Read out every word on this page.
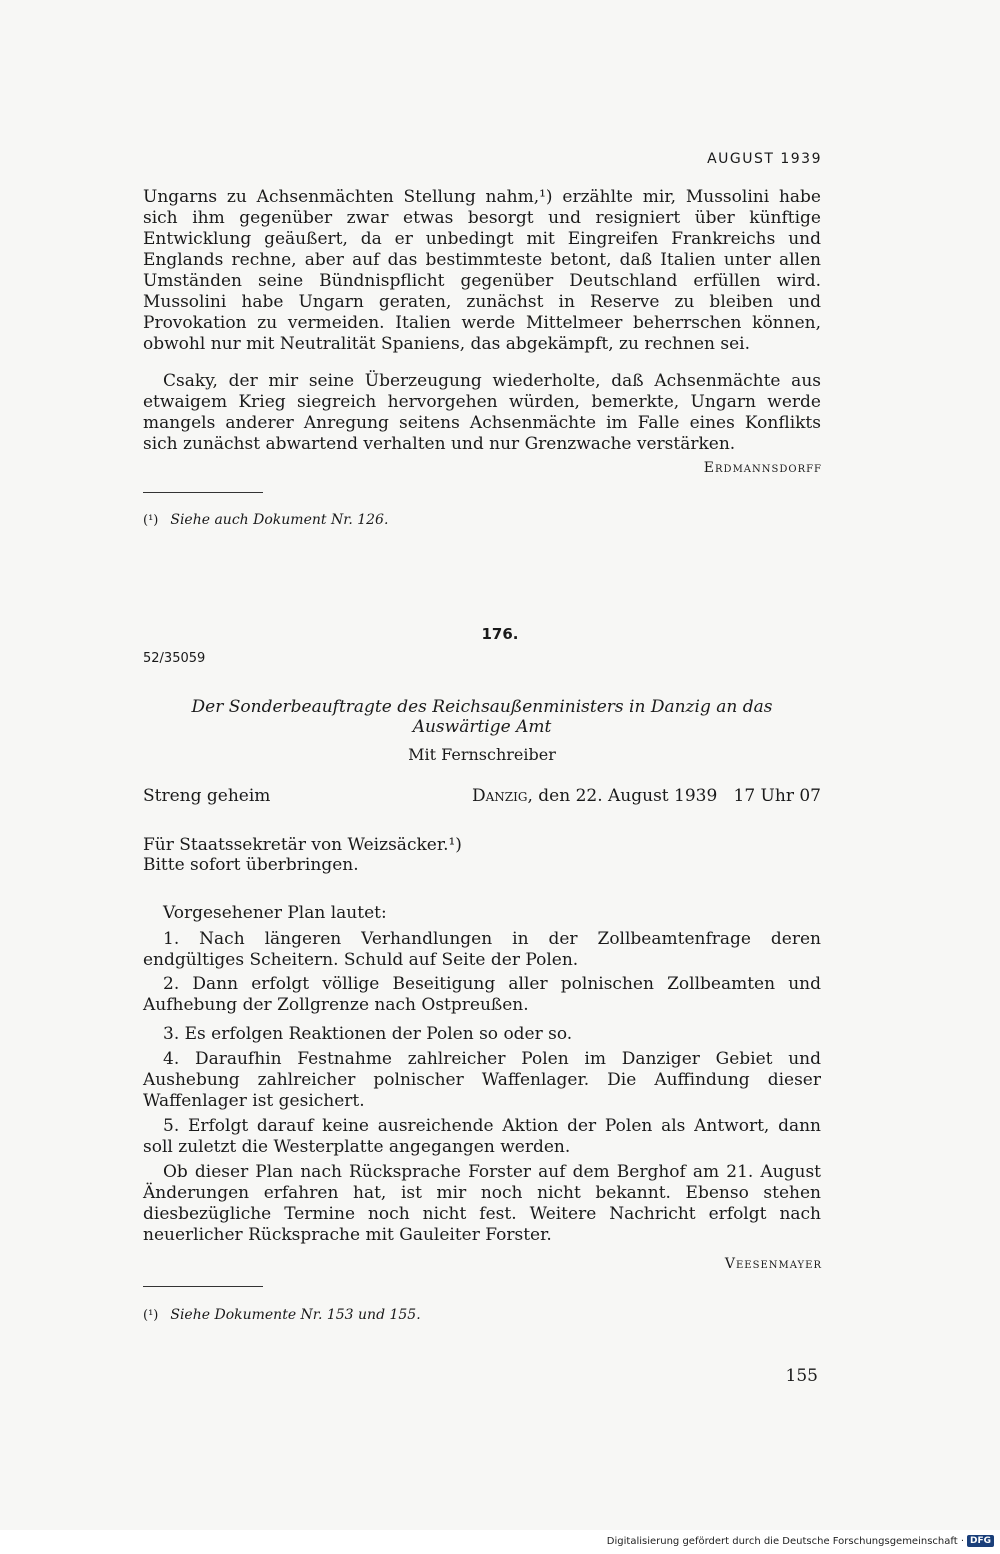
AUGUST 1939

Ungarns zu Achsenmächten Stellung nahm,¹) erzählte mir, Mussolini habe sich ihm gegenüber zwar etwas besorgt und resigniert über künftige Entwicklung geäußert, da er unbedingt mit Eingreifen Frankreichs und Englands rechne, aber auf das bestimmteste betont, daß Italien unter allen Umständen seine Bündnispflicht gegenüber Deutschland erfüllen wird. Mussolini habe Ungarn geraten, zunächst in Reserve zu bleiben und Provokation zu vermeiden. Italien werde Mittelmeer beherrschen können, obwohl nur mit Neutralität Spaniens, das abgekämpft, zu rechnen sei.

Csaky, der mir seine Überzeugung wiederholte, daß Achsenmächte aus etwaigem Krieg siegreich hervorgehen würden, bemerkte, Ungarn werde mangels anderer Anregung seitens Achsenmächte im Falle eines Konflikts sich zunächst abwartend verhalten und nur Grenzwache verstärken.

Erdmannsdorff
(¹) Siehe auch Dokument Nr. 126.
176.
52/35059
Der Sonderbeauftragte des Reichsaußenministers in Danzig an das Auswärtige Amt
Mit Fernschreiber
Streng geheim	Danzig, den 22. August 1939   17 Uhr 07
Für Staatssekretär von Weizsäcker.¹)
Bitte sofort überbringen.

Vorgesehener Plan lautet:

1. Nach längeren Verhandlungen in der Zollbeamtenfrage deren endgültiges Scheitern. Schuld auf Seite der Polen.

2. Dann erfolgt völlige Beseitigung aller polnischen Zollbeamten und Aufhebung der Zollgrenze nach Ostpreußen.

3. Es erfolgen Reaktionen der Polen so oder so.

4. Daraufhin Festnahme zahlreicher Polen im Danziger Gebiet und Aushebung zahlreicher polnischer Waffenlager. Die Auffindung dieser Waffenlager ist gesichert.

5. Erfolgt darauf keine ausreichende Aktion der Polen als Antwort, dann soll zuletzt die Westerplatte angegangen werden.

Ob dieser Plan nach Rücksprache Forster auf dem Berghof am 21. August Änderungen erfahren hat, ist mir noch nicht bekannt. Ebenso stehen diesbezügliche Termine noch nicht fest. Weitere Nachricht erfolgt nach neuerlicher Rücksprache mit Gauleiter Forster.

Veesenmayer
(¹) Siehe Dokumente Nr. 153 und 155.
155
Digitalisierung gefördert durch die Deutsche Forschungsgemeinschaft · DFG
